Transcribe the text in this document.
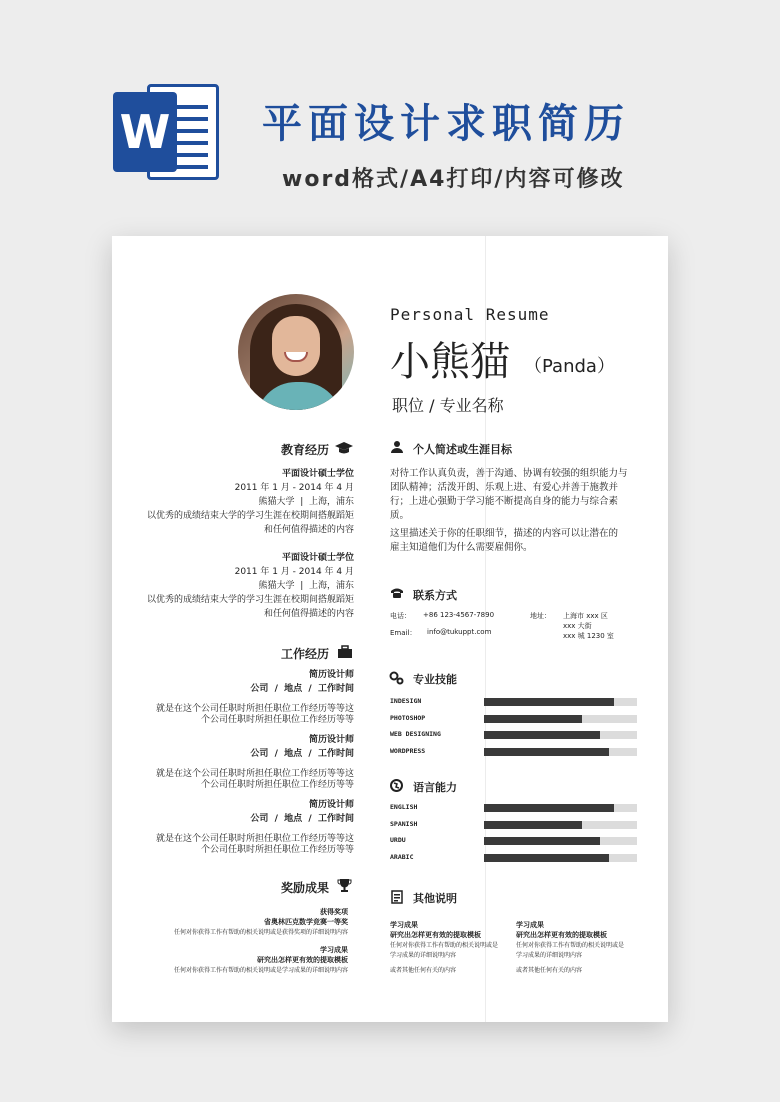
W 平面设计求职简历
word格式/A4打印/内容可修改
Personal Resume
小熊猫 （Panda）
职位 / 专业名称
教育经历
平面设计硕士学位
2011 年 1 月 - 2014 年 4 月
熊猫大学  |  上海，浦东
以优秀的成绩结束大学的学习生涯在校期间搭舰蹈矩
和任何值得描述的内容
平面设计硕士学位
2011 年 1 月 - 2014 年 4 月
熊猫大学  |  上海，浦东
以优秀的成绩结束大学的学习生涯在校期间搭舰蹈矩
和任何值得描述的内容
工作经历
简历设计师
公司  /  地点  /  工作时间
就是在这个公司任职时所担任职位工作经历等等这
个公司任职时所担任职位工作经历等等
简历设计师
公司  /  地点  /  工作时间
就是在这个公司任职时所担任职位工作经历等等这
个公司任职时所担任职位工作经历等等
简历设计师
公司  /  地点  /  工作时间
就是在这个公司任职时所担任职位工作经历等等这
个公司任职时所担任职位工作经历等等
奖励成果
获得奖项
省奥林匹克数学竞赛一等奖
任何对你获得工作有帮助的相关说明或是获得奖项的详细说明内容
学习成果
研究出怎样更有效的提取模板
任何对你获得工作有帮助的相关说明或是学习成果的详细说明内容
个人简述或生涯目标
对待工作认真负责，善于沟通、协调有较强的组织能力与
团队精神；活泼开朗、乐观上进、有爱心并善于施教并
行；上进心强勤于学习能不断提高自身的能力与综合素
质。
这里描述关于你的任职细节，描述的内容可以让潜在的
雇主知道他们为什么需要雇佣你。
联系方式
电话： +86 123-4567-7890
Email： info@tukuppt.com
地址： 上海市 xxx 区
xxx 大街
xxx 城 1230 室
专业技能
INDESIGN
PHOTOSHOP
WEB DESIGNING
WORDPRESS
语言能力
ENGLISH
SPANISH
URDU
ARABIC
其他说明
学习成果
研究出怎样更有效的提取模板
任何对你获得工作有帮助的相关说明或是
学习成果的详细说明内容
或者其他任何有关的内容
学习成果
研究出怎样更有效的提取模板
任何对你获得工作有帮助的相关说明或是
学习成果的详细说明内容
或者其他任何有关的内容
